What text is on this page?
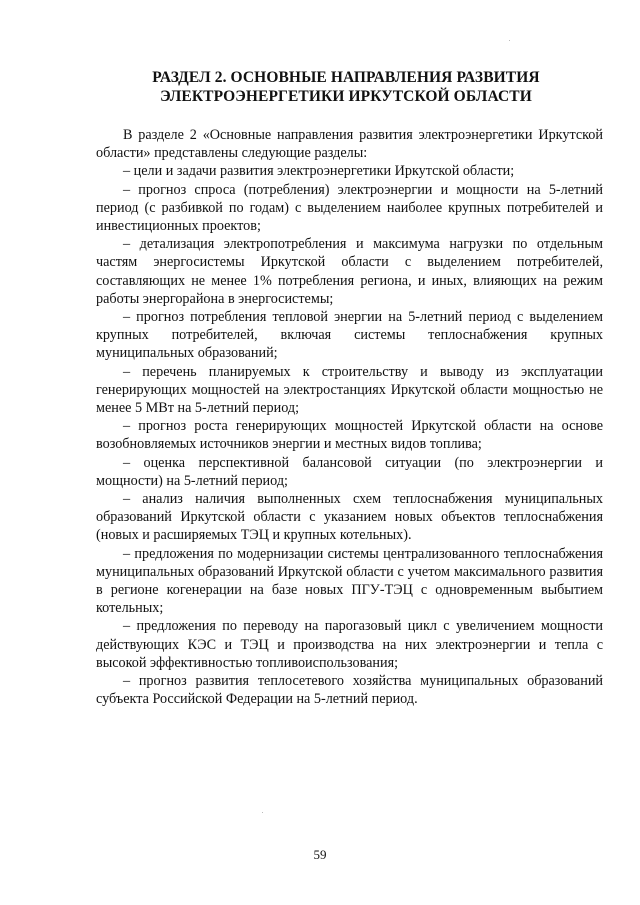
РАЗДЕЛ 2. ОСНОВНЫЕ НАПРАВЛЕНИЯ РАЗВИТИЯ
ЭЛЕКТРОЭНЕРГЕТИКИ ИРКУТСКОЙ ОБЛАСТИ

В разделе 2 «Основные направления развития электроэнергетики Иркутской области» представлены следующие разделы:

– цели и задачи развития электроэнергетики Иркутской области;

– прогноз спроса (потребления) электроэнергии и мощности на 5-летний период (с разбивкой по годам) с выделением наиболее крупных потребителей и инвестиционных проектов;

– детализация электропотребления и максимума нагрузки по отдельным частям энергосистемы Иркутской области с выделением потребителей, составляющих не менее 1% потребления региона, и иных, влияющих на режим работы энергорайона в энергосистемы;

– прогноз потребления тепловой энергии на 5-летний период с выделением крупных потребителей, включая системы теплоснабжения крупных муниципальных образований;

– перечень планируемых к строительству и выводу из эксплуатации генерирующих мощностей на электростанциях Иркутской области мощностью не менее 5 МВт на 5-летний период;

– прогноз роста генерирующих мощностей Иркутской области на основе возобновляемых источников энергии и местных видов топлива;

– оценка перспективной балансовой ситуации (по электроэнергии и мощности) на 5-летний период;

– анализ наличия выполненных схем теплоснабжения муниципальных образований Иркутской области с указанием новых объектов теплоснабжения (новых и расширяемых ТЭЦ и крупных котельных).

– предложения по модернизации системы централизованного теплоснабжения муниципальных образований Иркутской области с учетом максимального развития в регионе когенерации на базе новых ПГУ-ТЭЦ с одновременным выбытием котельных;

– предложения по переводу на парогазовый цикл с увеличением мощности действующих КЭС и ТЭЦ и производства на них электроэнергии и тепла с высокой эффективностью топливоиспользования;

– прогноз развития теплосетевого хозяйства муниципальных образований субъекта Российской Федерации на 5-летний период.

59
